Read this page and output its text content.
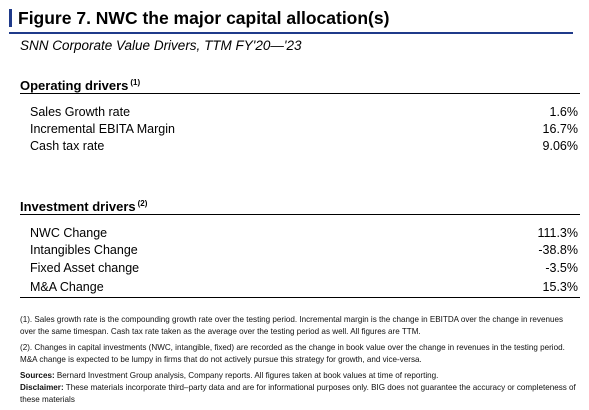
Figure 7. NWC the major capital allocation(s)
SNN Corporate Value Drivers, TTM FY'20—'23
Operating drivers $^{(1)}$
Sales Growth rate	1.6%
Incremental EBITA Margin	16.7%
Cash tax rate	9.06%
Investment drivers $^{(2)}$
NWC Change	111.3%
Intangibles Change	-38.8%
Fixed Asset change	-3.5%
M&A Change	15.3%

(1). Sales growth rate is the compounding growth rate over the testing period. Incremental margin is the change in EBITDA over the change in revenues over the same timespan. Cash tax rate taken as the average over the testing period as well. All figures are TTM.

(2). Changes in capital investments (NWC, intangible, fixed) are recorded as the change in book value over the change in revenues in the testing period. M&A change is expected to be lumpy in firms that do not actively pursue this strategy for growth, and vice-versa.

Sources: Bernard Investment Group analysis, Company reports. All figures taken at book values at time of reporting.

Disclaimer: These materials incorporate third–party data and are for informational purposes only. BIG does not guarantee the accuracy or completeness of these materials
